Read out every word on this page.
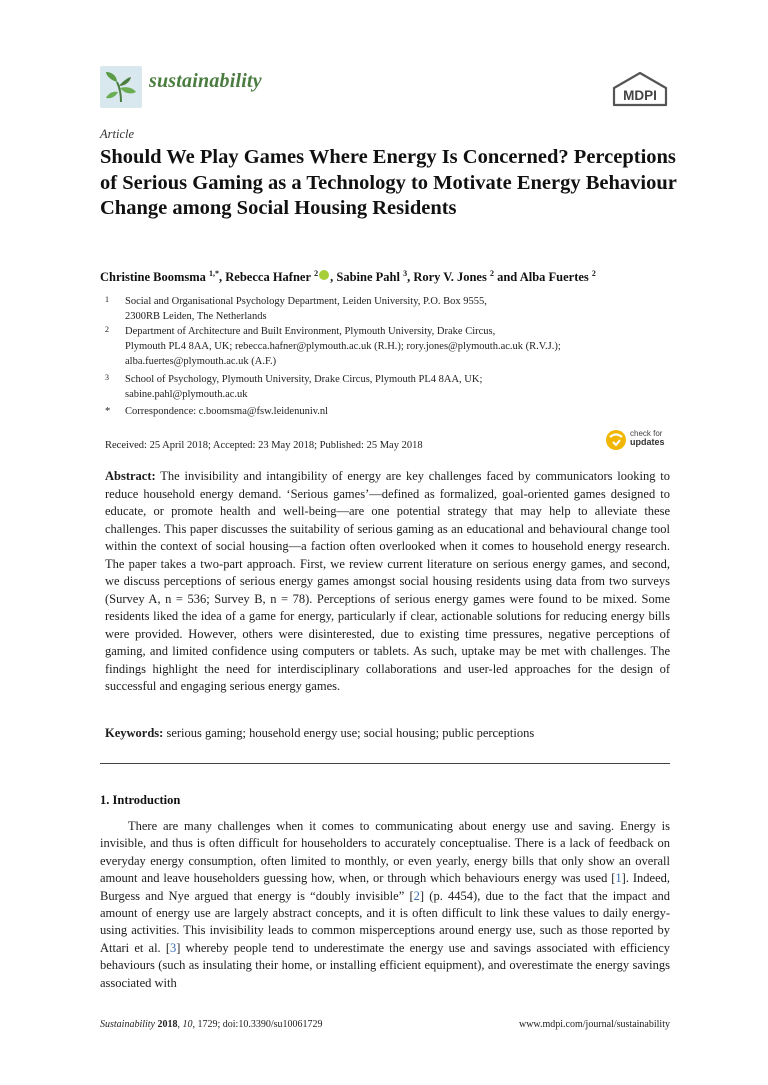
sustainability
MDPI
Article
Should We Play Games Where Energy Is Concerned? Perceptions of Serious Gaming as a Technology to Motivate Energy Behaviour Change among Social Housing Residents
Christine Boomsma $^{1,*}$, Rebecca Hafner $^2$ , Sabine Pahl $^3$, Rory V. Jones $^2$ and Alba Fuertes $^2$
1 Social and Organisational Psychology Department, Leiden University, P.O. Box 9555,
2300RB Leiden, The Netherlands
2 Department of Architecture and Built Environment, Plymouth University, Drake Circus,
Plymouth PL4 8AA, UK; rebecca.hafner@plymouth.ac.uk (R.H.); rory.jones@plymouth.ac.uk (R.V.J.);
alba.fuertes@plymouth.ac.uk (A.F.)
3 School of Psychology, Plymouth University, Drake Circus, Plymouth PL4 8AA, UK;
sabine.pahl@plymouth.ac.uk
* Correspondence: c.boomsma@fsw.leidenuniv.nl
Received: 25 April 2018; Accepted: 23 May 2018; Published: 25 May 2018
check for
updates

Abstract: The invisibility and intangibility of energy are key challenges faced by communicators looking to reduce household energy demand. ‘Serious games’—defined as formalized, goal-oriented games designed to educate, or promote health and well-being—are one potential strategy that may help to alleviate these challenges. This paper discusses the suitability of serious gaming as an educational and behavioural change tool within the context of social housing—a faction often overlooked when it comes to household energy research. The paper takes a two-part approach. First, we review current literature on serious energy games, and second, we discuss perceptions of serious energy games amongst social housing residents using data from two surveys (Survey A, n = 536; Survey B, n = 78). Perceptions of serious energy games were found to be mixed. Some residents liked the idea of a game for energy, particularly if clear, actionable solutions for reducing energy bills were provided. However, others were disinterested, due to existing time pressures, negative perceptions of gaming, and limited confidence using computers or tablets. As such, uptake may be met with challenges. The findings highlight the need for interdisciplinary collaborations and user-led approaches for the design of successful and engaging serious energy games.

Keywords: serious gaming; household energy use; social housing; public perceptions

1. Introduction

There are many challenges when it comes to communicating about energy use and saving. Energy is invisible, and thus is often difficult for householders to accurately conceptualise. There is a lack of feedback on everyday energy consumption, often limited to monthly, or even yearly, energy bills that only show an overall amount and leave householders guessing how, when, or through which behaviours energy was used [1]. Indeed, Burgess and Nye argued that energy is “doubly invisible” [2] (p. 4454), due to the fact that the impact and amount of energy use are largely abstract concepts, and it is often difficult to link these values to daily energy-using activities. This invisibility leads to common misperceptions around energy use, such as those reported by Attari et al. [3] whereby people tend to underestimate the energy use and savings associated with efficiency behaviours (such as insulating their home, or installing efficient equipment), and overestimate the energy savings associated with

Sustainability 2018, 10, 1729; doi:10.3390/su10061729	www.mdpi.com/journal/sustainability
